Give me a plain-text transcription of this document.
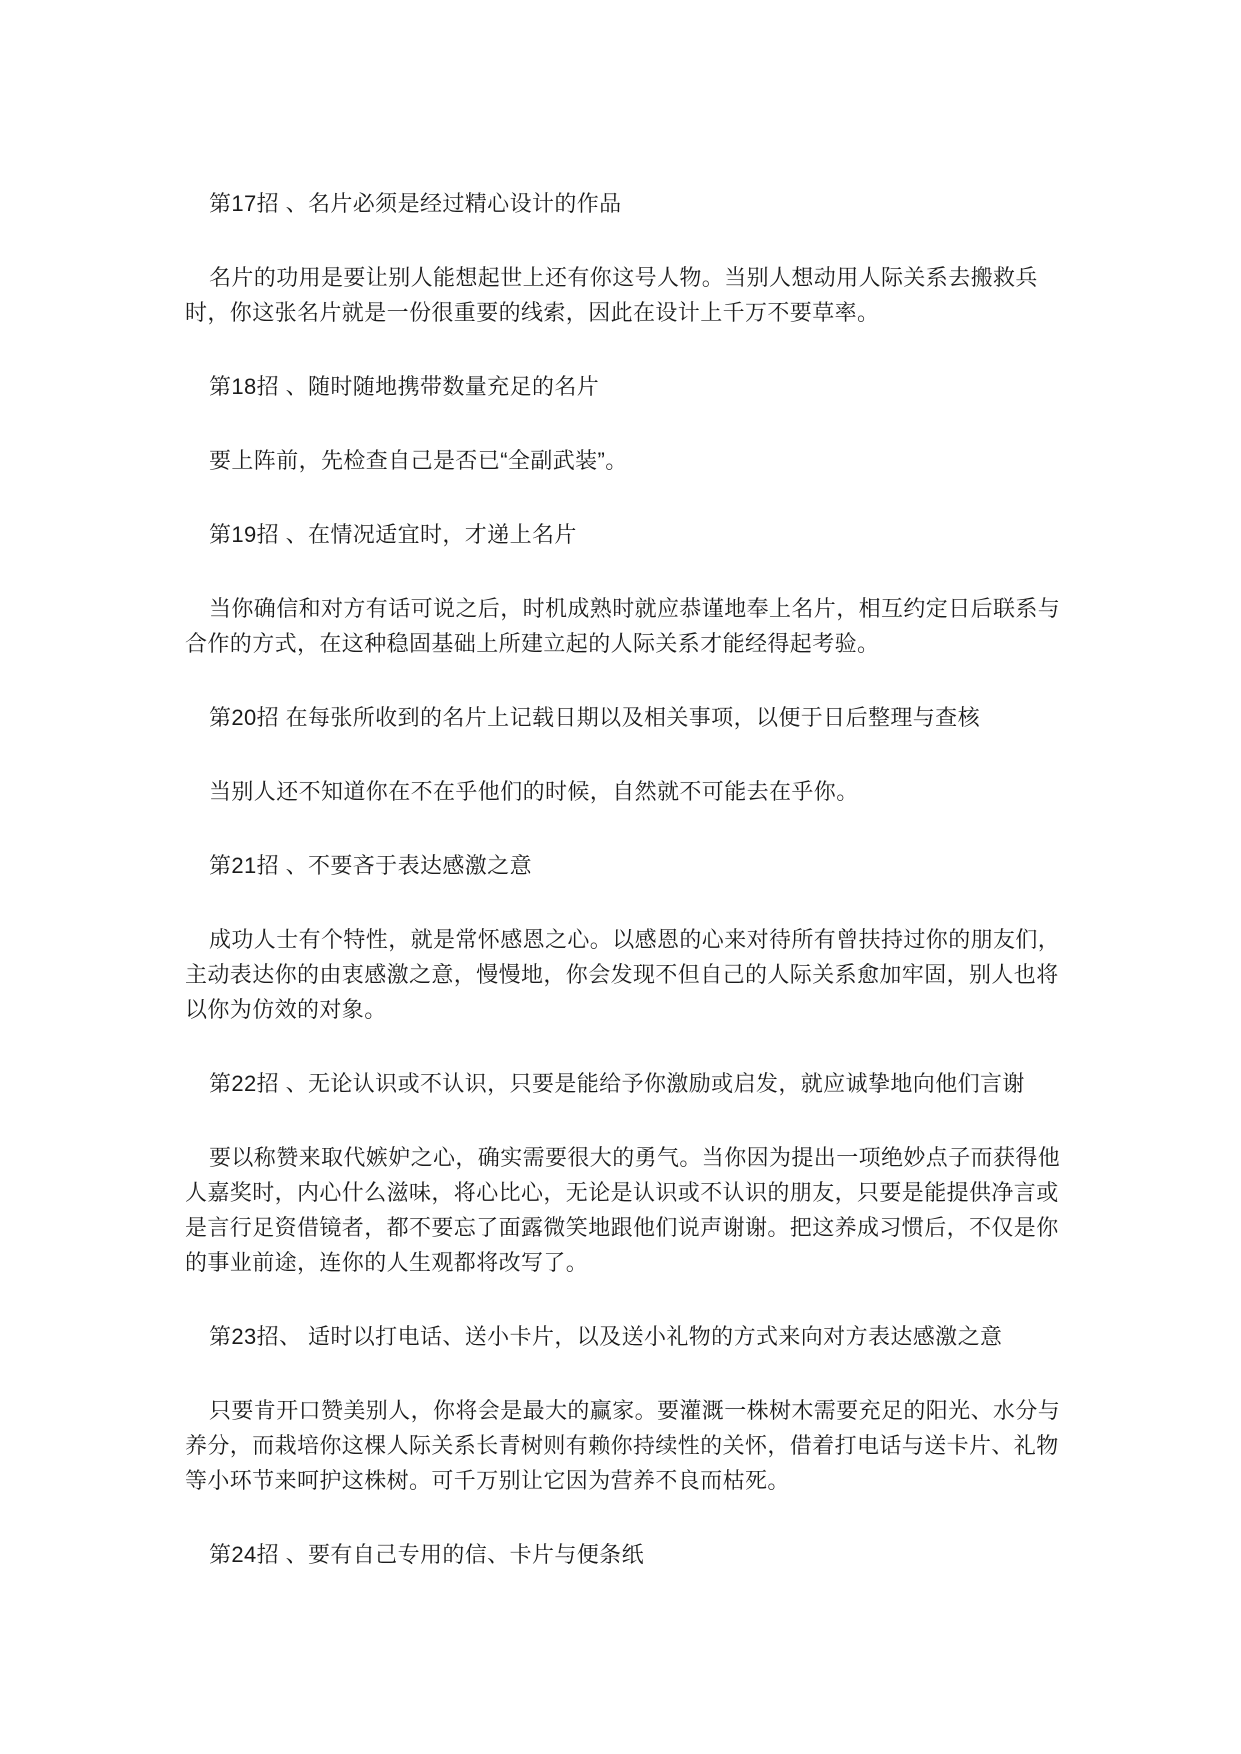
第17招 、名片必须是经过精心设计的作品
名片的功用是要让别人能想起世上还有你这号人物。当别人想动用人际关系去搬救兵
时，你这张名片就是一份很重要的线索，因此在设计上千万不要草率。
第18招 、随时随地携带数量充足的名片
要上阵前，先检查自己是否已“全副武装”。
第19招 、在情况适宜时，才递上名片
当你确信和对方有话可说之后，时机成熟时就应恭谨地奉上名片，相互约定日后联系与
合作的方式，在这种稳固基础上所建立起的人际关系才能经得起考验。
第20招 在每张所收到的名片上记载日期以及相关事项，以便于日后整理与查核
当别人还不知道你在不在乎他们的时候，自然就不可能去在乎你。
第21招 、不要吝于表达感激之意
成功人士有个特性，就是常怀感恩之心。以感恩的心来对待所有曾扶持过你的朋友们，
主动表达你的由衷感激之意，慢慢地，你会发现不但自己的人际关系愈加牢固，别人也将
以你为仿效的对象。
第22招 、无论认识或不认识，只要是能给予你激励或启发，就应诚挚地向他们言谢
要以称赞来取代嫉妒之心，确实需要很大的勇气。当你因为提出一项绝妙点子而获得他
人嘉奖时，内心什么滋味，将心比心，无论是认识或不认识的朋友，只要是能提供净言或
是言行足资借镜者，都不要忘了面露微笑地跟他们说声谢谢。把这养成习惯后，不仅是你
的事业前途，连你的人生观都将改写了。
第23招、 适时以打电话、送小卡片，以及送小礼物的方式来向对方表达感激之意
只要肯开口赞美别人，你将会是最大的赢家。要灌溉一株树木需要充足的阳光、水分与
养分，而栽培你这棵人际关系长青树则有赖你持续性的关怀，借着打电话与送卡片、礼物
等小环节来呵护这株树。可千万别让它因为营养不良而枯死。
第24招 、要有自己专用的信、卡片与便条纸
